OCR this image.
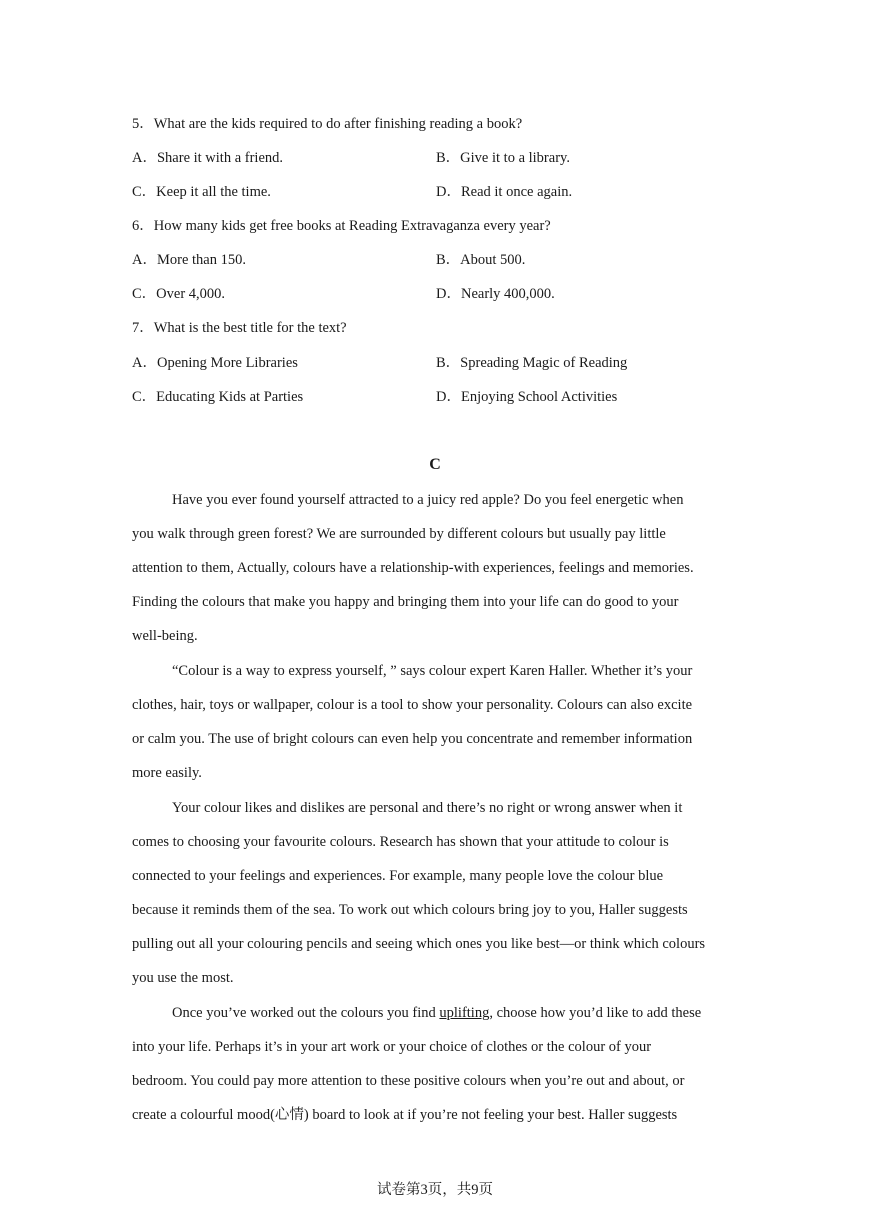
5．What are the kids required to do after finishing reading a book?
A．Share it with a friend.	B．Give it to a library.
C．Keep it all the time.	D．Read it once again.
6．How many kids get free books at Reading Extravaganza every year?
A．More than 150.	B．About 500.
C．Over 4,000.	D．Nearly 400,000.
7．What is the best title for the text?
A．Opening More Libraries	B．Spreading Magic of Reading
C．Educating Kids at Parties	D．Enjoying School Activities
C
Have you ever found yourself attracted to a juicy red apple? Do you feel energetic when
you walk through green forest? We are surrounded by different colours but usually pay little
attention to them, Actually, colours have a relationship-with experiences, feelings and memories.
Finding the colours that make you happy and bringing them into your life can do good to your
well-being.
“Colour is a way to express yourself, ” says colour expert Karen Haller. Whether it’s your
clothes, hair, toys or wallpaper, colour is a tool to show your personality. Colours can also excite
or calm you. The use of bright colours can even help you concentrate and remember information
more easily.
Your colour likes and dislikes are personal and there’s no right or wrong answer when it
comes to choosing your favourite colours. Research has shown that your attitude to colour is
connected to your feelings and experiences. For example, many people love the colour blue
because it reminds them of the sea. To work out which colours bring joy to you, Haller suggests
pulling out all your colouring pencils and seeing which ones you like best—or think which colours
you use the most.
Once you’ve worked out the colours you find uplifting, choose how you’d like to add these
into your life. Perhaps it’s in your art work or your choice of clothes or the colour of your
bedroom. You could pay more attention to these positive colours when you’re out and about, or
create a colourful mood(心情) board to look at if you’re not feeling your best. Haller suggests
试卷第3页，共9页
